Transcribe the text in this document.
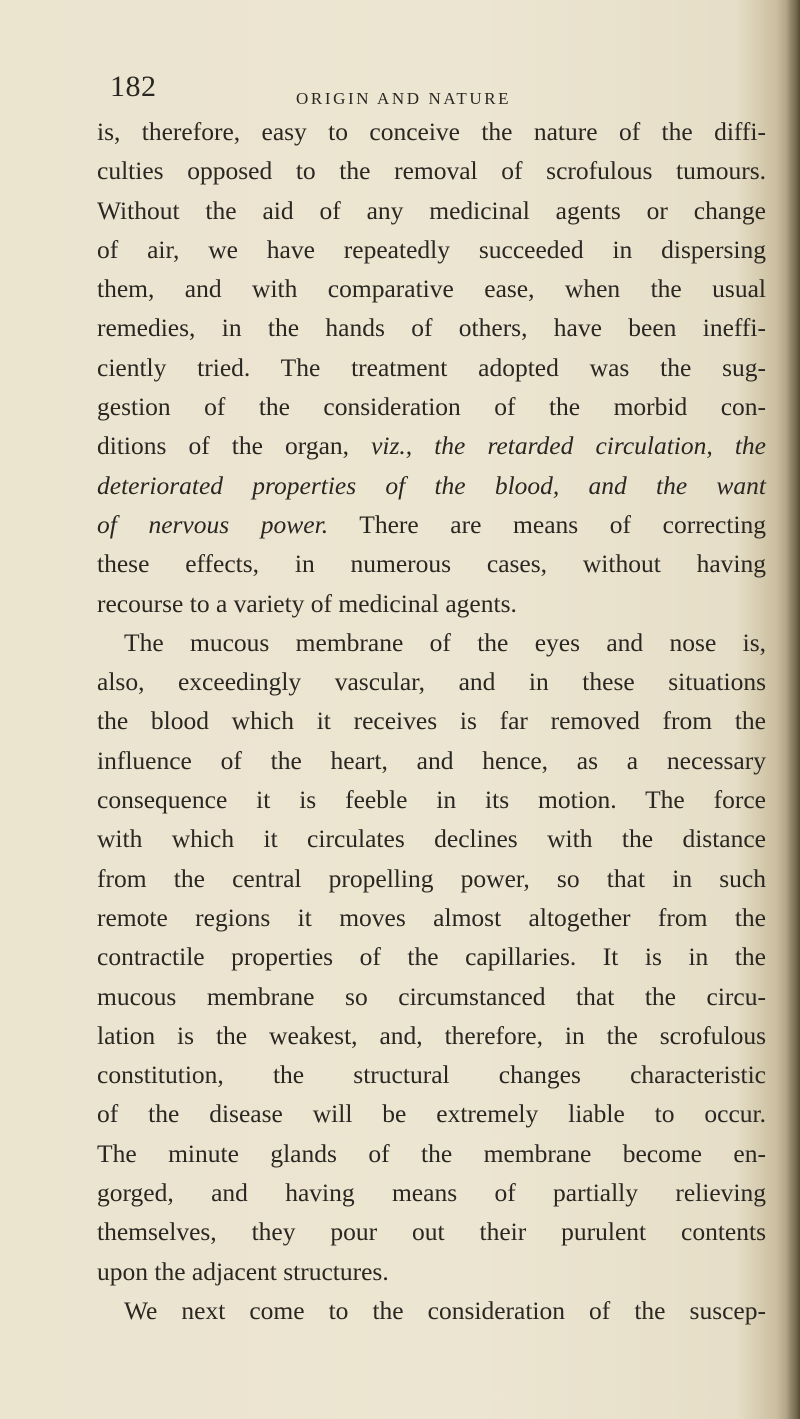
182	ORIGIN AND NATURE
is, therefore, easy to conceive the nature of the diffi-
culties opposed to the removal of scrofulous tumours.
Without the aid of any medicinal agents or change
of air, we have repeatedly succeeded in dispersing
them, and with comparative ease, when the usual
remedies, in the hands of others, have been ineffi-
ciently tried. The treatment adopted was the sug-
gestion of the consideration of the morbid con-
ditions of the organ, viz., the retarded circulation, the
deteriorated properties of the blood, and the want
of nervous power. There are means of correcting
these effects, in numerous cases, without having
recourse to a variety of medicinal agents.
The mucous membrane of the eyes and nose is,
also, exceedingly vascular, and in these situations
the blood which it receives is far removed from the
influence of the heart, and hence, as a necessary
consequence it is feeble in its motion. The force
with which it circulates declines with the distance
from the central propelling power, so that in such
remote regions it moves almost altogether from the
contractile properties of the capillaries. It is in the
mucous membrane so circumstanced that the circu-
lation is the weakest, and, therefore, in the scrofulous
constitution, the structural changes characteristic
of the disease will be extremely liable to occur.
The minute glands of the membrane become en-
gorged, and having means of partially relieving
themselves, they pour out their purulent contents
upon the adjacent structures.
We next come to the consideration of the suscep-
